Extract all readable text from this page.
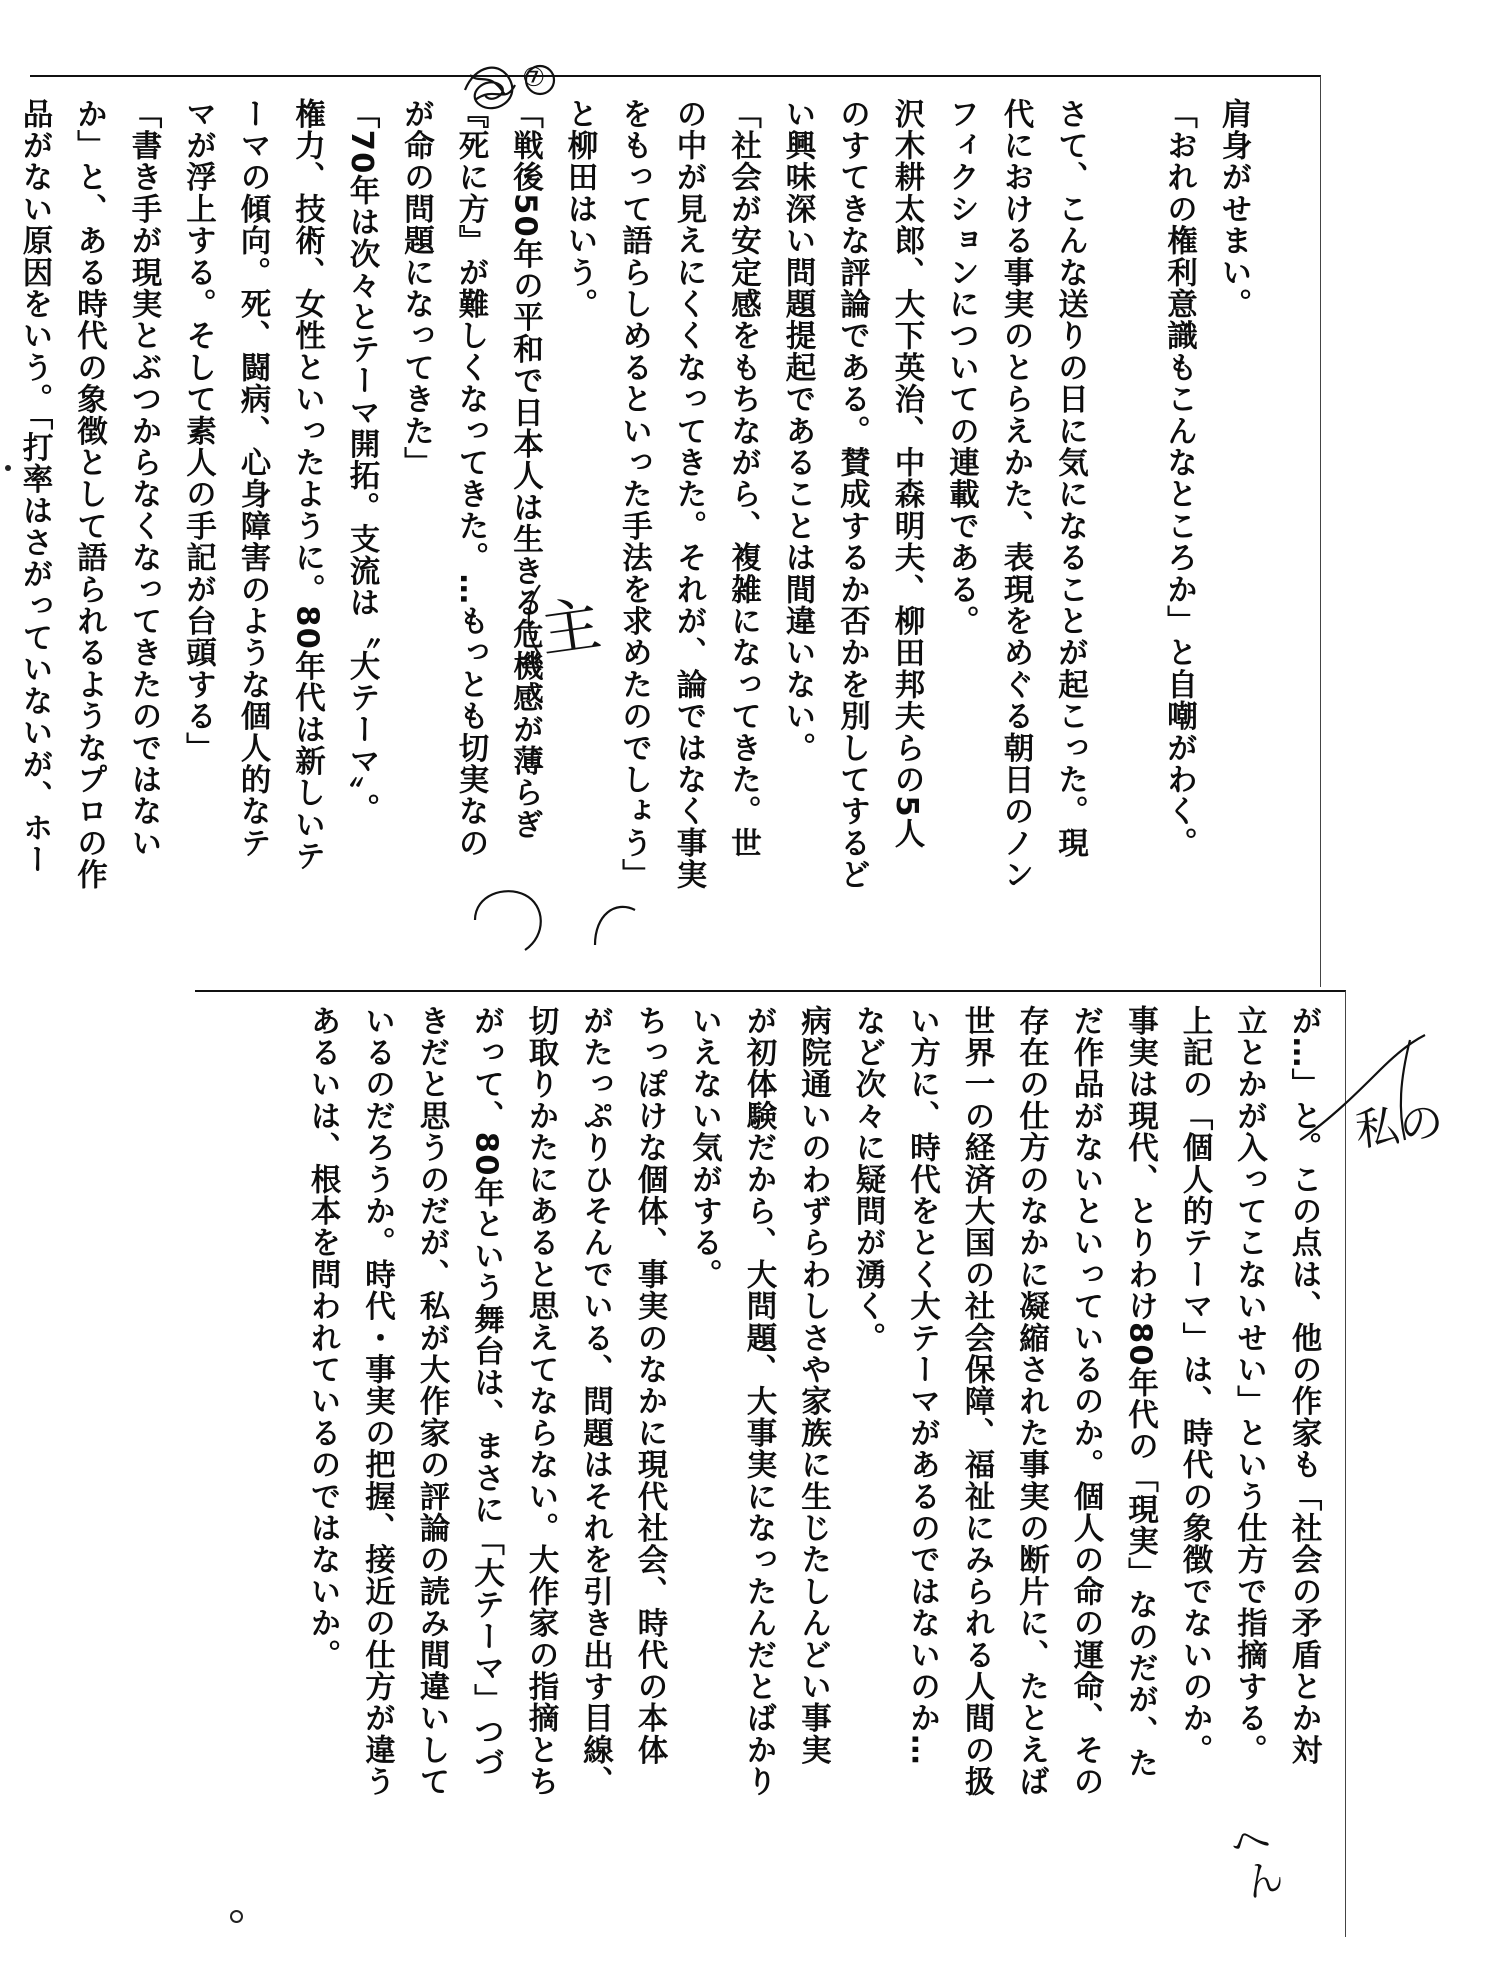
肩身がせまい。
「おれの権利意識もこんなところか」と自嘲がわく。

さて、こんな送りの日に気になることが起こった。現
代における事実のとらえかた、表現をめぐる朝日のノン
フィクションについての連載である。
沢木耕太郎、大下英治、中森明夫、柳田邦夫らの5人
のすてきな評論である。賛成するか否かを別してするど
い興味深い問題提起であることは間違いない。
「社会が安定感をもちながら、複雑になってきた。世
の中が見えにくくなってきた。それが、論ではなく事実
をもって語らしめるといった手法を求めたのでしょう」
と柳田はいう。
「戦後50年の平和で日本人は生きる危機感が薄らぎ
『死に方』が難しくなってきた。…もっとも切実なの
が命の問題になってきた」
「70年は次々とテーマ開拓。支流は〝大テーマ〟。
権力、技術、女性といったように。80年代は新しいテ
ーマの傾向。死、闘病、心身障害のような個人的なテ
マが浮上する。そして素人の手記が台頭する」
「書き手が現実とぶつからなくなってきたのではない
か」と、ある時代の象徴として語られるようなプロの作
品がない原因をいう。「打率はさがっていないが、ホー
が…」と。この点は、他の作家も「社会の矛盾とか対
立とかが入ってこないせい」という仕方で指摘する。
上記の「個人的テーマ」は、時代の象徴でないのか。
事実は現代、とりわけ80年代の「現実」なのだが、た
だ作品がないといっているのか。個人の命の運命、その
存在の仕方のなかに凝縮された事実の断片に、たとえば
世界一の経済大国の社会保障、福祉にみられる人間の扱
い方に、時代をとく大テーマがあるのではないのか…
など次々に疑問が湧く。
病院通いのわずらわしさや家族に生じたしんどい事実
が初体験だから、大問題、大事実になったんだとばかり
いえない気がする。
ちっぽけな個体、事実のなかに現代社会、時代の本体
がたっぷりひそんでいる、問題はそれを引き出す目線、
切取りかたにあると思えてならない。大作家の指摘とち
がって、80年という舞台は、まさに「大テーマ」つづ
きだと思うのだが、私が大作家の評論の読み間違いして
いるのだろうか。時代・事実の把握、接近の仕方が違う
あるいは、根本を問われているのではないか。
⑦
主
私の
へん
